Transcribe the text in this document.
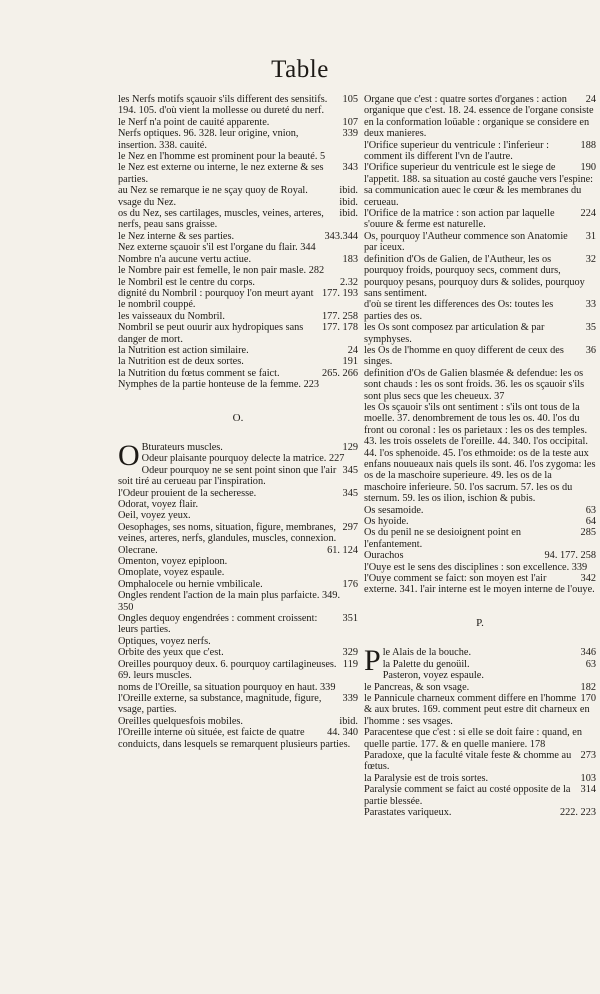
Table
105
les Nerfs motifs sçauoir s'ils different des sensitifs. 194. 105. d'où vient la mollesse ou dureté du nerf.
107
le Nerf n'a point de cauité apparente.
339
Nerfs optiques. 96. 328. leur origine, vnion, insertion. 338. cauité.
le Nez en l'homme est prominent pour la beauté. 5
343
le Nez est externe ou interne, le nez externe & ses parties.
ibid.
au Nez se remarque ie ne sçay quoy de Royal.
ibid.
vsage du Nez.
ibid.
os du Nez, ses cartilages, muscles, veines, arteres, nerfs, peau sans graisse.
343.344
le Nez interne & ses parties.
Nez externe sçauoir s'il est l'organe du flair. 344
183
Nombre n'a aucune vertu actiue.
le Nombre pair est femelle, le non pair masle. 282
2.32
le Nombril est le centre du corps.
177. 193
dignité du Nombril : pourquoy l'on meurt ayant le nombril couppé.
177. 258
les vaisseaux du Nombril.
177. 178
Nombril se peut ouurir aux hydropiques sans danger de mort.
24
la Nutrition est action similaire.
191
la Nutrition est de deux sortes.
265. 266
la Nutrition du fœtus comment se faict.
Nymphes de la partie honteuse de la femme. 223
O.
O	129
Bturateurs muscles.
Odeur plaisante pourquoy delecte la matrice. 227
345
Odeur pourquoy ne se sent point sinon que l'air soit tiré au cerueau par l'inspiration.
345
l'Odeur prouient de la secheresse.
Odorat, voyez flair.
Oeil, voyez yeux.
297
Oesophages, ses noms, situation, figure, membranes, veines, arteres, nerfs, glandules, muscles, connexion.
61. 124
Olecrane.
Omenton, voyez epiploon.
Omoplate, voyez espaule.
176
Omphalocele ou hernie vmbilicale.
Ongles rendent l'action de la main plus parfaicte. 349. 350
351
Ongles dequoy engendrées : comment croissent: leurs parties.
Optiques, voyez nerfs.
329
Orbite des yeux que c'est.
119
Oreilles pourquoy deux. 6. pourquoy cartilagineuses. 69. leurs muscles.
noms de l'Oreille, sa situation pourquoy en haut. 339
339
l'Oreille externe, sa substance, magnitude, figure, vsage, parties.
ibid.
Oreilles quelquesfois mobiles.
44. 340
l'Oreille interne où située, est faicte de quatre conduicts, dans lesquels se remarquent plusieurs parties.
24
Organe que c'est : quatre sortes d'organes : action organique que c'est. 18. 24. essence de l'organe consiste en la conformation loüable : organique se considere en deux manieres.
188
l'Orifice superieur du ventricule : l'inferieur : comment ils different l'vn de l'autre.
190
l'Orifice superieur du ventricule est le siege de l'appetit. 188. sa situation au costé gauche vers l'espine: sa communication auec le cœur & les membranes du cerueau.
224
l'Orifice de la matrice : son action par laquelle s'ouure & ferme est naturelle.
31
Os, pourquoy l'Autheur commence son Anatomie par iceux.
32
definition d'Os de Galien, de l'Autheur, les os pourquoy froids, pourquoy secs, comment durs, pourquoy pesans, pourquoy durs & solides, pourquoy sans sentiment.
33
d'où se tirent les differences des Os: toutes les parties des os.
35
les Os sont composez par articulation & par symphyses.
36
les Os de l'homme en quoy different de ceux des singes.
definition d'Os de Galien blasmée & defendue: les os sont chauds : les os sont froids. 36. les os sçauoir s'ils sont plus secs que les cheueux. 37
les Os sçauoir s'ils ont sentiment : s'ils ont tous de la moelle. 37. denombrement de tous les os. 40. l'os du front ou coronal : les os parietaux : les os des temples. 43. les trois osselets de l'oreille. 44. 340. l'os occipital. 44. l'os sphenoide. 45. l'os ethmoide: os de la teste aux enfans nouueaux nais quels ils sont. 46. l'os zygoma: les os de la maschoire superieure. 49. les os de la maschoire inferieure. 50. l'os sacrum. 57. les os du sternum. 59. les os ilion, ischion & pubis.
63
Os sesamoide.
64
Os hyoide.
285
Os du penil ne se desioignent point en l'enfantement.
94. 177. 258
Ourachos
l'Ouye est le sens des disciplines : son excellence. 339
342
l'Ouye comment se faict: son moyen est l'air externe. 341. l'air interne est le moyen interne de l'ouye.
P.
P	346
le Alais de la bouche.
63
la Palette du genoüil.
Pasteron, voyez espaule.
182
le Pancreas, & son vsage.
170
le Pannicule charneux comment differe en l'homme & aux brutes. 169. comment peut estre dit charneux en l'homme : ses vsages.
Paracentese que c'est : si elle se doit faire : quand, en quelle partie. 177. & en quelle maniere. 178
273
Paradoxe, que la faculté vitale feste & chomme au fœtus.
103
la Paralysie est de trois sortes.
314
Paralysie comment se faict au costé opposite de la partie blessée.
222. 223
Parastates variqueux.
